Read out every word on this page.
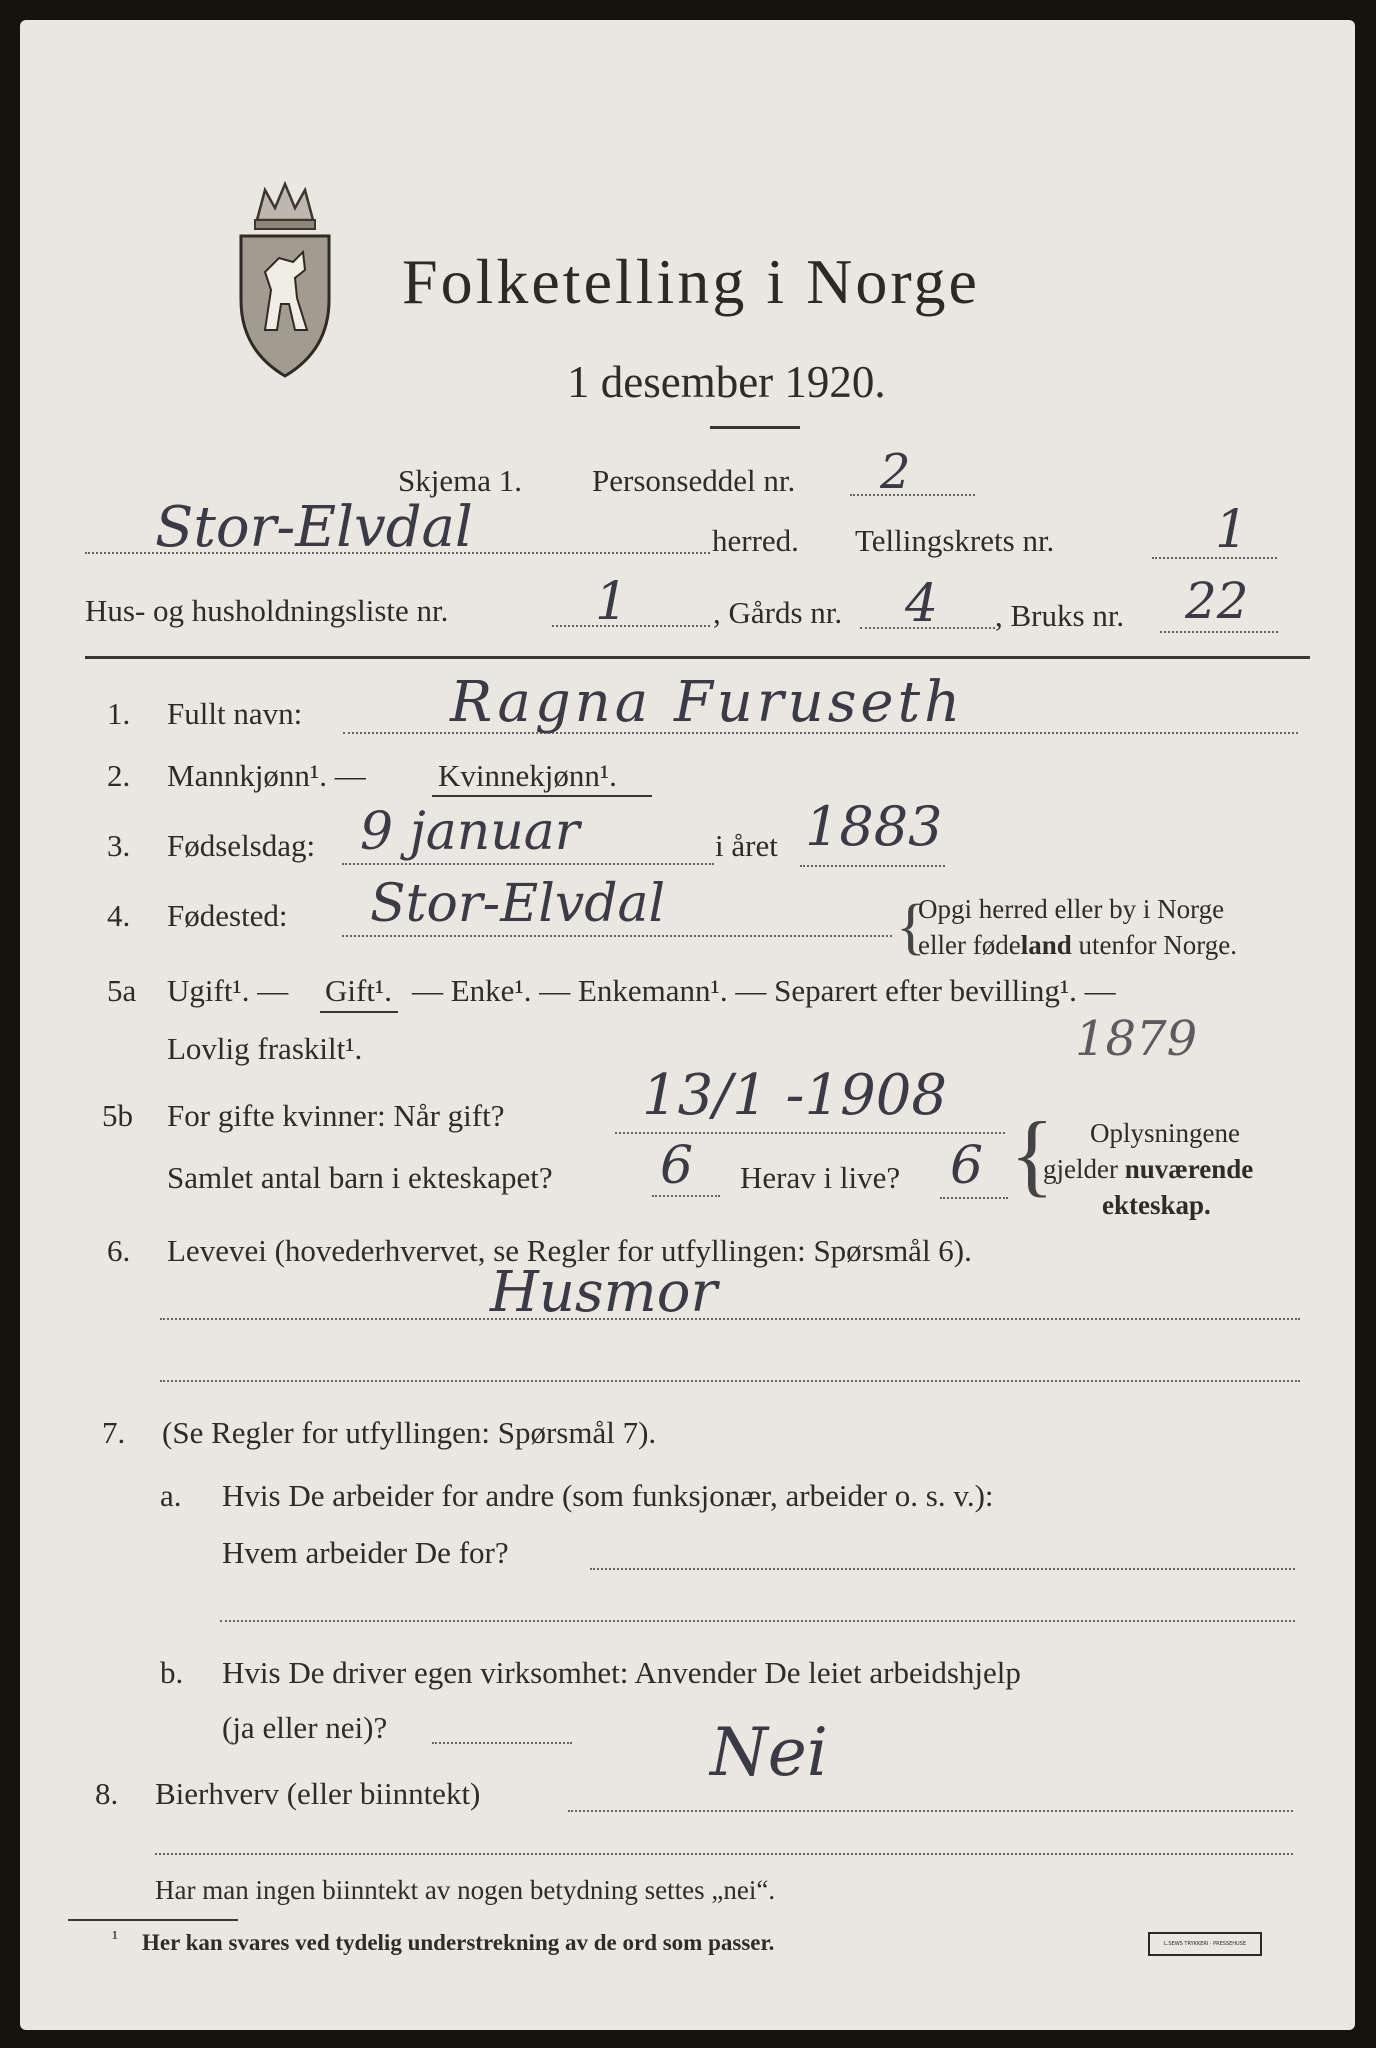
Folketelling i Norge
1 desember 1920.
Skjema 1. Personseddel nr. 2
Stor-Elvdal	herred. Tellingskrets nr.	1
Hus- og husholdningsliste nr.	1	, Gårds nr. 4 , Bruks nr. 22
1. Fullt navn:	Ragna Furuseth
2. Mannkjønn¹. — Kvinnekjønn¹.
3. Fødselsdag: 9 januar	i året 1883
4. Fødested: Stor-Elvdal	{
Opgi herred eller by i Norge
eller fødeland utenfor Norge.
5a Ugift¹. — Gift¹. — Enke¹. — Enkemann¹. — Separert efter bevilling¹. —
Lovlig fraskilt¹.	1879
5b For gifte kvinner: Når gift? 13/1 -1908
Samlet antal barn i ekteskapet? 6 Herav i live? 6 { Oplysningene
gjelder nuværende
ekteskap.
6. Levevei (hovederhvervet, se Regler for utfyllingen: Spørsmål 6).
Husmor
7. (Se Regler for utfyllingen: Spørsmål 7).
a. Hvis De arbeider for andre (som funksjonær, arbeider o. s. v.):
Hvem arbeider De for?
b. Hvis De driver egen virksomhet: Anvender De leiet arbeidshjelp
(ja eller nei)?
8. Bierhverv (eller biinntekt)
Nei
Har man ingen biinntekt av nogen betydning settes „nei“.
¹ Her kan svares ved tydelig understrekning av de ord som passer.	L.SEWS TRYKKERI · PRESSEHUSE
